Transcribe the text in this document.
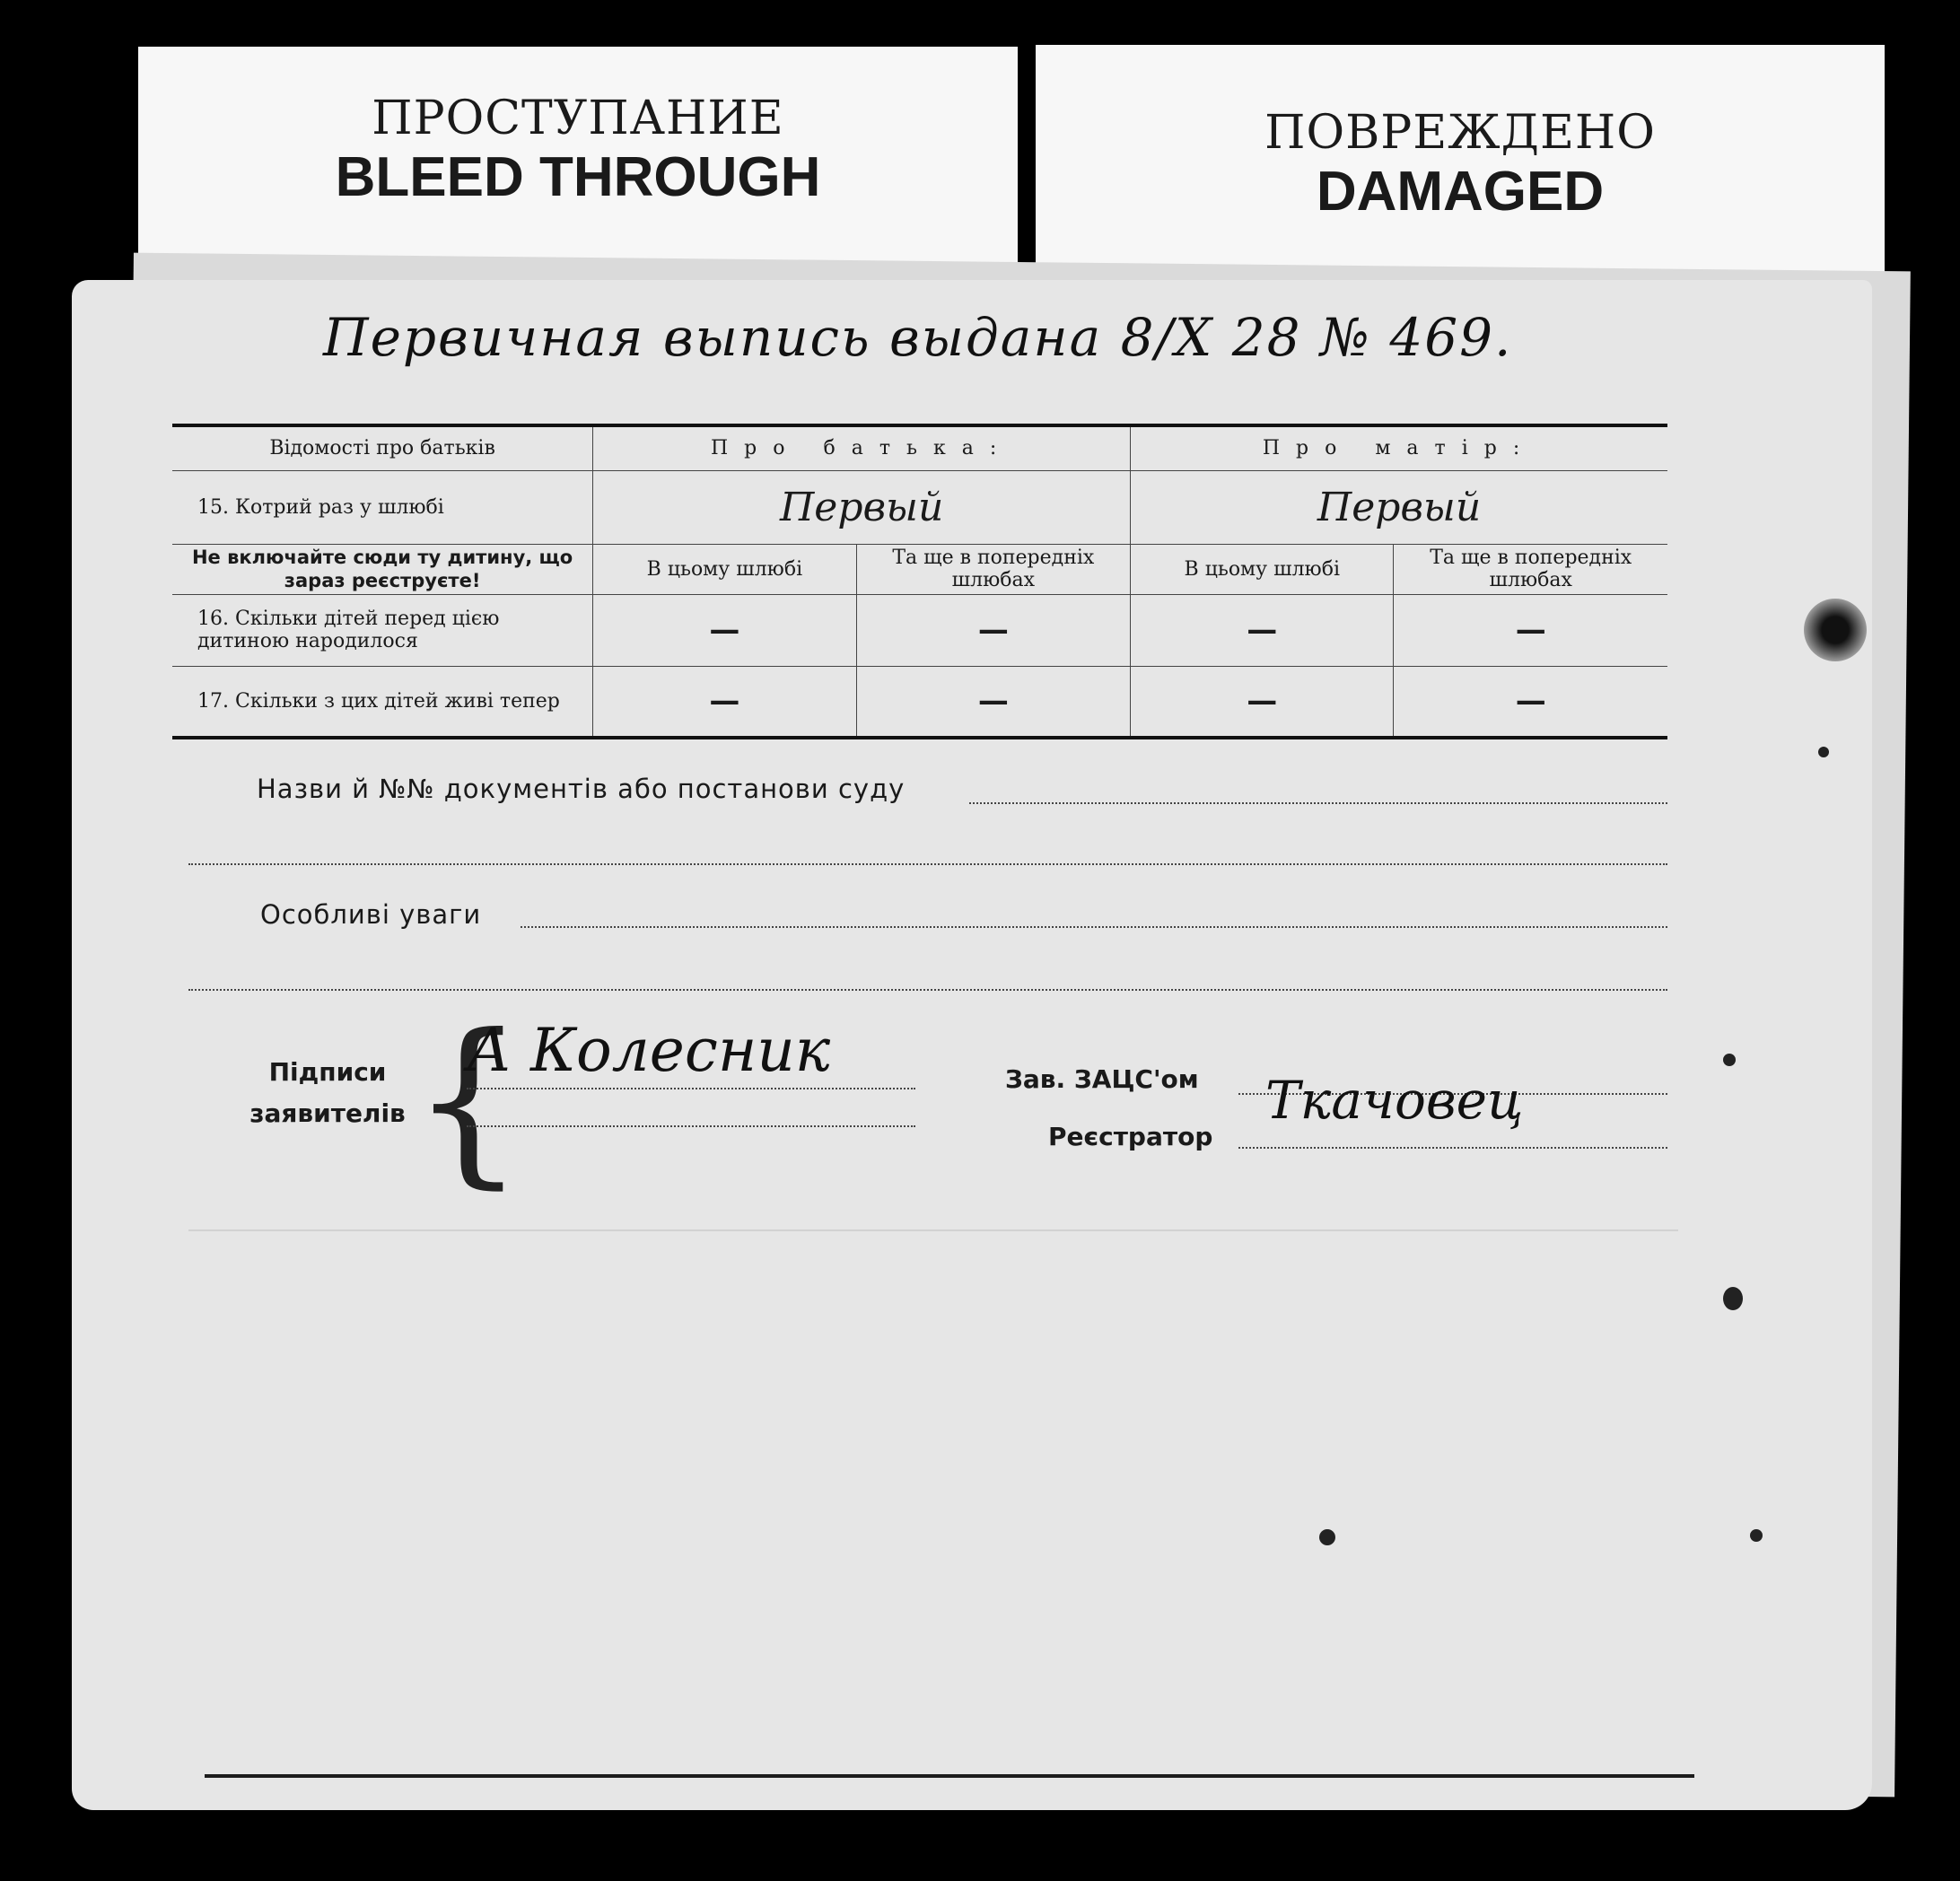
ПРОСТУПАНИЕ
BLEED THROUGH
ПОВРЕЖДЕНО
DAMAGED
Первичная выпись выдана 8/X 28 № 469.
Відомості про батьків	Про батька:		Про матір:	
15. Котрий раз у шлюбі	Первый		Первый	
Не включайте сюди ту дитину, що зараз реєструєте!	В цьому шлюбі	Та ще в попередніх шлюбах	В цьому шлюбі	Та ще в попередніх шлюбах
16. Скільки дітей перед цією дитиною народилося	—	—	—	—
17. Скільки з цих дітей живі тепер	—	—	—	—
Назви й №№ документів або постанови суду
Особливі уваги
Підписи заявителів {
А Колесник	Зав. ЗАЦС'ом
Реєстратор
Ткачовец
